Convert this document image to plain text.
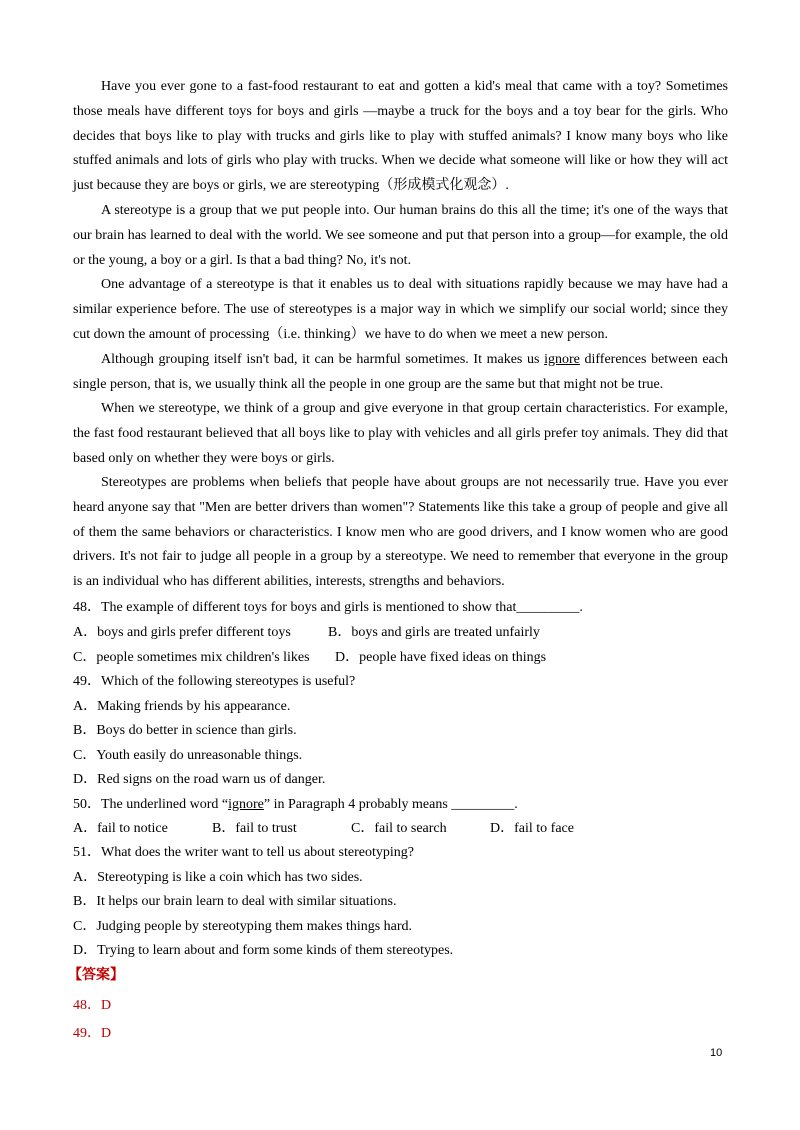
Have you ever gone to a fast-food restaurant to eat and gotten a kid's meal that came with a toy? Sometimes those meals have different toys for boys and girls —maybe a truck for the boys and a toy bear for the girls. Who decides that boys like to play with trucks and girls like to play with stuffed animals? I know many boys who like stuffed animals and lots of girls who play with trucks. When we decide what someone will like or how they will act just because they are boys or girls, we are stereotyping（形成模式化观念）.

A stereotype is a group that we put people into. Our human brains do this all the time; it's one of the ways that our brain has learned to deal with the world. We see someone and put that person into a group—for example, the old or the young, a boy or a girl. Is that a bad thing? No, it's not.

One advantage of a stereotype is that it enables us to deal with situations rapidly because we may have had a similar experience before. The use of stereotypes is a major way in which we simplify our social world; since they cut down the amount of processing（i.e. thinking）we have to do when we meet a new person.

Although grouping itself isn't bad, it can be harmful sometimes. It makes us ignore differences between each single person, that is, we usually think all the people in one group are the same but that might not be true.

When we stereotype, we think of a group and give everyone in that group certain characteristics. For example, the fast food restaurant believed that all boys like to play with vehicles and all girls prefer toy animals. They did that based only on whether they were boys or girls.

Stereotypes are problems when beliefs that people have about groups are not necessarily true. Have you ever heard anyone say that "Men are better drivers than women"? Statements like this take a group of people and give all of them the same behaviors or characteristics. I know men who are good drivers, and I know women who are good drivers. It's not fair to judge all people in a group by a stereotype. We need to remember that everyone in the group is an individual who has different abilities, interests, strengths and behaviors.

48．The example of different toys for boys and girls is mentioned to show that_________.

A．boys and girls prefer different toys	B．boys and girls are treated unfairly

C．people sometimes mix children's likes D．people have fixed ideas on things

49．Which of the following stereotypes is useful?

A．Making friends by his appearance.

B．Boys do better in science than girls.

C．Youth easily do unreasonable things.

D．Red signs on the road warn us of danger.

50．The underlined word “ignore” in Paragraph 4 probably means _________.

A．fail to notice	B．fail to trust	C．fail to search	D．fail to face

51．What does the writer want to tell us about stereotyping?

A．Stereotyping is like a coin which has two sides.

B．It helps our brain learn to deal with similar situations.

C．Judging people by stereotyping them makes things hard.

D．Trying to learn about and form some kinds of them stereotypes.

【答案】

48．D

49．D

10
